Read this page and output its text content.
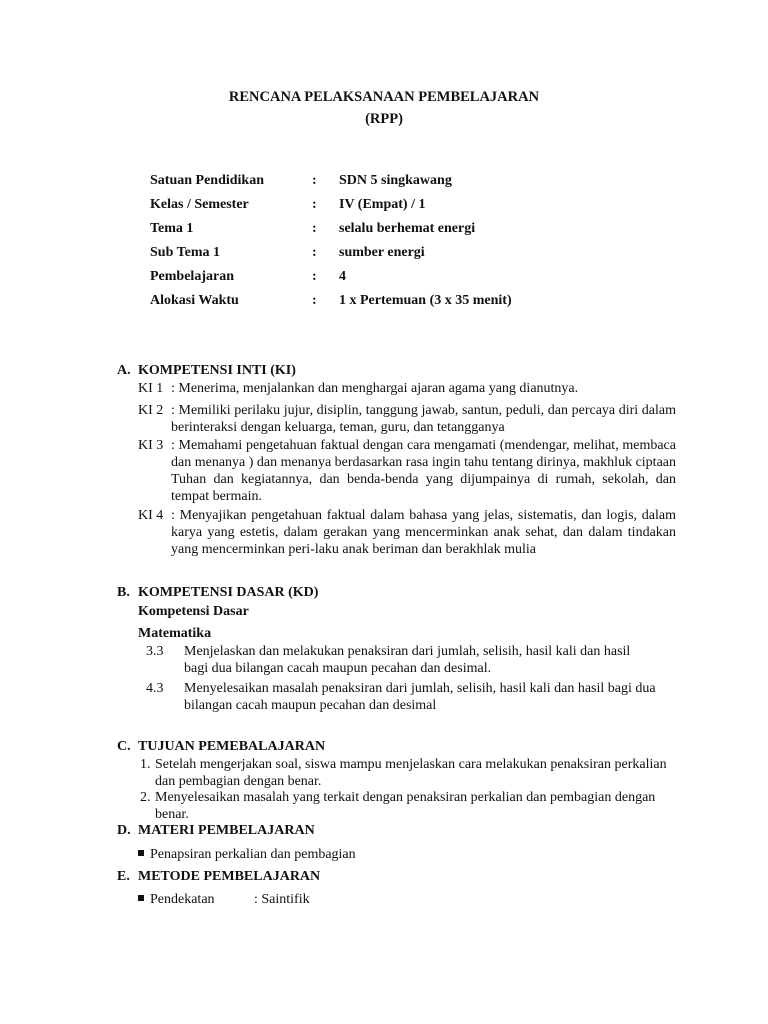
RENCANA PELAKSANAAN PEMBELAJARAN
(RPP)
Satuan Pendidikan	:	SDN 5 singkawang
Kelas / Semester	:	IV (Empat) / 1
Tema 1	:	selalu berhemat energi
Sub Tema 1	:	sumber energi
Pembelajaran	:	4
Alokasi Waktu	:	1 x Pertemuan (3 x 35 menit)
A. KOMPETENSI INTI (KI)
KI 1 : Menerima, menjalankan dan menghargai ajaran agama yang dianutnya.
KI 2 : Memiliki perilaku jujur, disiplin, tanggung jawab, santun, peduli, dan percaya diri dalam berinteraksi dengan keluarga, teman, guru, dan tetangganya
KI 3 : Memahami pengetahuan faktual dengan cara mengamati (mendengar, melihat, membaca dan menanya ) dan menanya berdasarkan rasa ingin tahu tentang dirinya, makhluk ciptaan Tuhan dan kegiatannya, dan benda-benda yang dijumpainya di rumah, sekolah, dan tempat bermain.
KI 4 : Menyajikan pengetahuan faktual dalam bahasa yang jelas, sistematis, dan logis, dalam karya yang estetis, dalam gerakan yang mencerminkan anak sehat, dan dalam tindakan yang mencerminkan peri-laku anak beriman dan berakhlak mulia
B. KOMPETENSI DASAR (KD)
Kompetensi Dasar
Matematika
3.3 Menjelaskan dan melakukan penaksiran dari jumlah, selisih, hasil kali dan hasil bagi dua bilangan cacah maupun pecahan dan desimal.
4.3 Menyelesaikan masalah penaksiran dari jumlah, selisih, hasil kali dan hasil bagi dua bilangan cacah maupun pecahan dan desimal
C. TUJUAN PEMEBALAJARAN
1. Setelah mengerjakan soal, siswa mampu menjelaskan cara melakukan penaksiran perkalian dan pembagian dengan benar.
2. Menyelesaikan masalah yang terkait dengan penaksiran perkalian dan pembagian dengan benar.
D. MATERI PEMBELAJARAN
Penapsiran perkalian dan pembagian
E. METODE PEMBELAJARAN
Pendekatan	: Saintifik
